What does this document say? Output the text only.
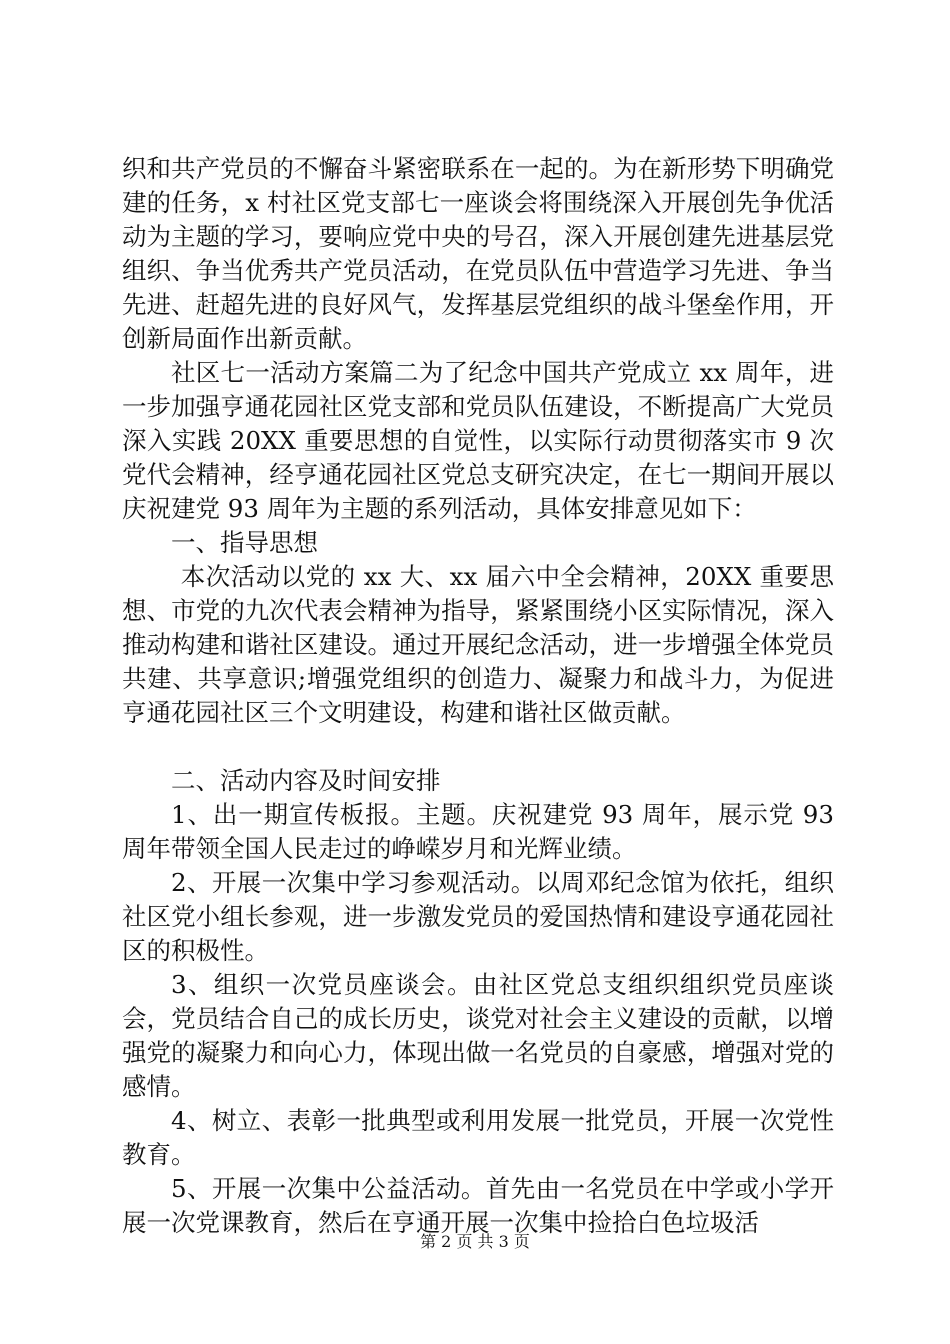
织和共产党员的不懈奋斗紧密联系在一起的。为在新形势下明确党建的任务，x 村社区党支部七一座谈会将围绕深入开展创先争优活动为主题的学习，要响应党中央的号召，深入开展创建先进基层党组织、争当优秀共产党员活动，在党员队伍中营造学习先进、争当先进、赶超先进的良好风气，发挥基层党组织的战斗堡垒作用，开创新局面作出新贡献。

社区七一活动方案篇二为了纪念中国共产党成立 xx 周年，进一步加强亨通花园社区党支部和党员队伍建设，不断提高广大党员深入实践 20XX 重要思想的自觉性，以实际行动贯彻落实市 9 次党代会精神，经亨通花园社区党总支研究决定，在七一期间开展以庆祝建党 93 周年为主题的系列活动，具体安排意见如下：

一、指导思想

本次活动以党的 xx 大、xx 届六中全会精神，20XX 重要思想、市党的九次代表会精神为指导，紧紧围绕小区实际情况，深入推动构建和谐社区建设。通过开展纪念活动，进一步增强全体党员共建、共享意识;增强党组织的创造力、凝聚力和战斗力，为促进亨通花园社区三个文明建设，构建和谐社区做贡献。

二、活动内容及时间安排

1、出一期宣传板报。主题。庆祝建党 93 周年，展示党 93 周年带领全国人民走过的峥嵘岁月和光辉业绩。

2、开展一次集中学习参观活动。以周邓纪念馆为依托，组织社区党小组长参观，进一步激发党员的爱国热情和建设亨通花园社区的积极性。

3、组织一次党员座谈会。由社区党总支组织组织党员座谈会，党员结合自己的成长历史，谈党对社会主义建设的贡献，以增强党的凝聚力和向心力，体现出做一名党员的自豪感，增强对党的感情。

4、树立、表彰一批典型或利用发展一批党员，开展一次党性教育。

5、开展一次集中公益活动。首先由一名党员在中学或小学开展一次党课教育，然后在亨通开展一次集中捡拾白色垃圾活

第 2 页 共 3 页
